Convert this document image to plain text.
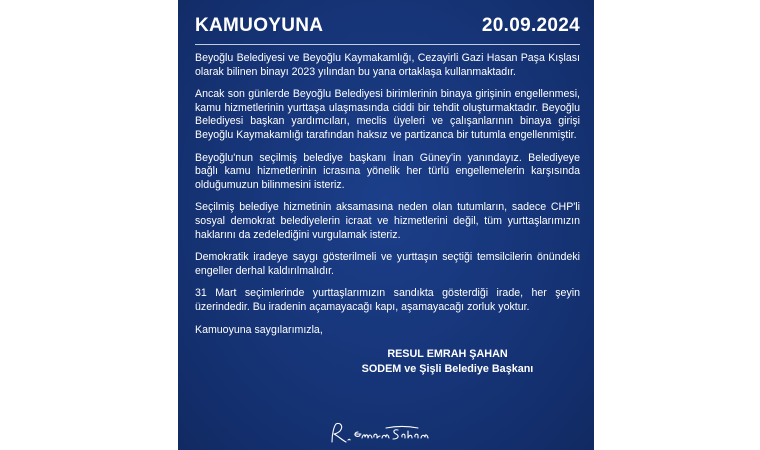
KAMUOYUNA	20.09.2024

Beyoğlu Belediyesi ve Beyoğlu Kaymakamlığı, Cezayirli Gazi Hasan Paşa Kışlası olarak bilinen binayı 2023 yılından bu yana ortaklaşa kullanmaktadır.

Ancak son günlerde Beyoğlu Belediyesi birimlerinin binaya girişinin engellenmesi, kamu hizmetlerinin yurttaşa ulaşmasında ciddi bir tehdit oluşturmaktadır. Beyoğlu Belediyesi başkan yardımcıları, meclis üyeleri ve çalışanlarının binaya girişi Beyoğlu Kaymakamlığı tarafından haksız ve partizanca bir tutumla engellenmiştir.

Beyoğlu'nun seçilmiş belediye başkanı İnan Güney'in yanındayız. Belediyeye bağlı kamu hizmetlerinin icrasına yönelik her türlü engellemelerin karşısında olduğumuzun bilinmesini isteriz.

Seçilmiş belediye hizmetinin aksamasına neden olan tutumların, sadece CHP'li sosyal demokrat belediyelerin icraat ve hizmetlerini değil, tüm yurttaşlarımızın haklarını da zedelediğini vurgulamak isteriz.

Demokratik iradeye saygı gösterilmeli ve yurttaşın seçtiği temsilcilerin önündeki engeller derhal kaldırılmalıdır.

31 Mart seçimlerinde yurttaşlarımızın sandıkta gösterdiği irade, her şeyin üzerindedir. Bu iradenin açamayacağı kapı, aşamayacağı zorluk yoktur.

Kamuoyuna saygılarımızla,

RESUL EMRAH ŞAHAN
SODEM ve Şişli Belediye Başkanı
